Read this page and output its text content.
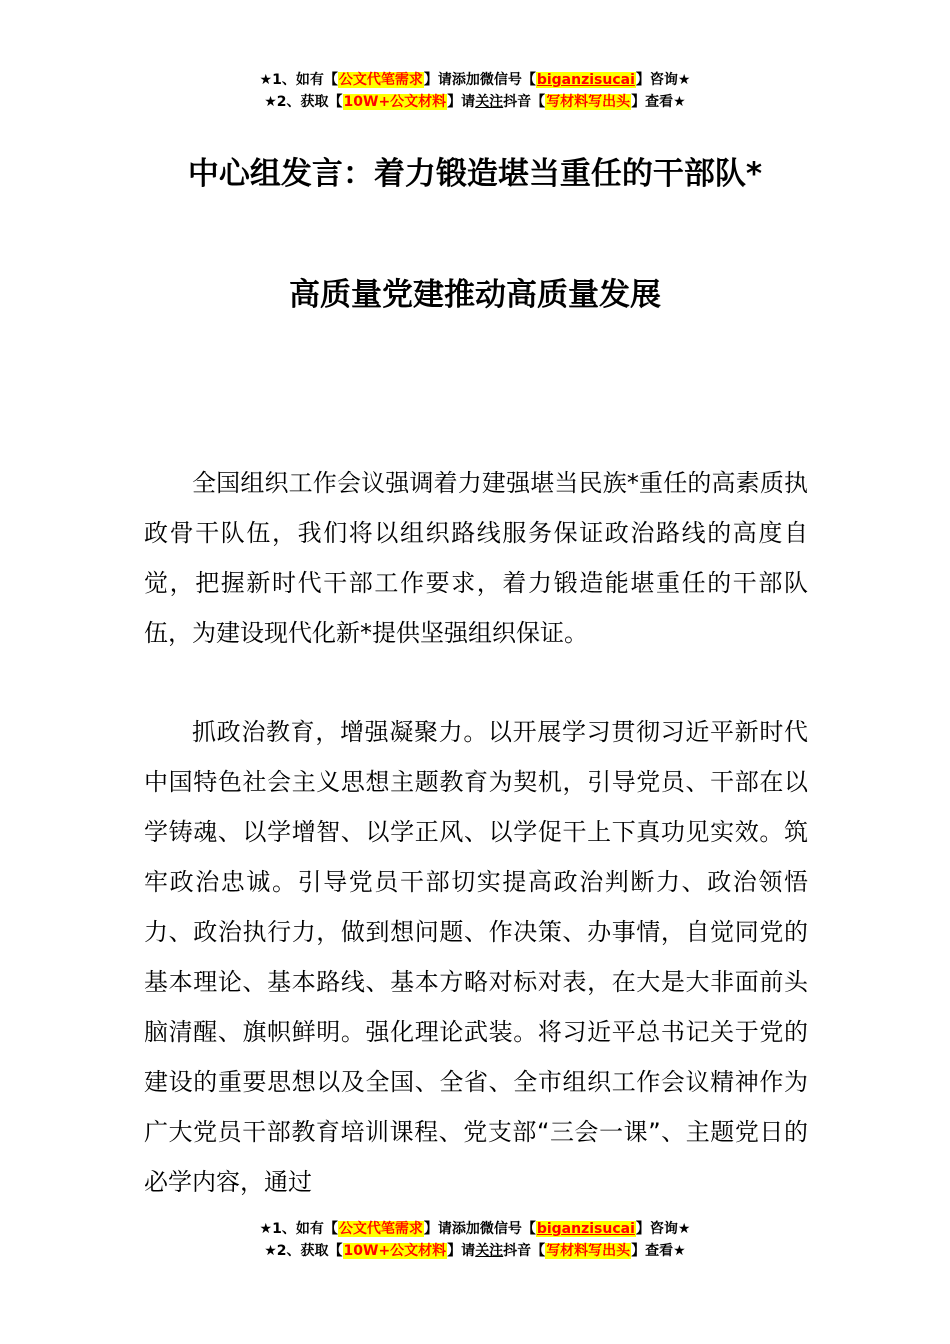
★1、如有【公文代笔需求】请添加微信号【biganzisucai】咨询★
★2、获取【10W+公文材料】请关注抖音【写材料写出头】查看★
中心组发言：着力锻造堪当重任的干部队*
高质量党建推动高质量发展

全国组织工作会议强调着力建强堪当民族*重任的高素质执政骨干队伍，我们将以组织路线服务保证政治路线的高度自觉，把握新时代干部工作要求，着力锻造能堪重任的干部队伍，为建设现代化新*提供坚强组织保证。

抓政治教育，增强凝聚力。以开展学习贯彻习近平新时代中国特色社会主义思想主题教育为契机，引导党员、干部在以学铸魂、以学增智、以学正风、以学促干上下真功见实效。筑牢政治忠诚。引导党员干部切实提高政治判断力、政治领悟力、政治执行力，做到想问题、作决策、办事情，自觉同党的基本理论、基本路线、基本方略对标对表，在大是大非面前头脑清醒、旗帜鲜明。强化理论武装。将习近平总书记关于党的建设的重要思想以及全国、全省、全市组织工作会议精神作为广大党员干部教育培训课程、党支部“三会一课”、主题党日的必学内容，通过

★1、如有【公文代笔需求】请添加微信号【biganzisucai】咨询★
★2、获取【10W+公文材料】请关注抖音【写材料写出头】查看★
